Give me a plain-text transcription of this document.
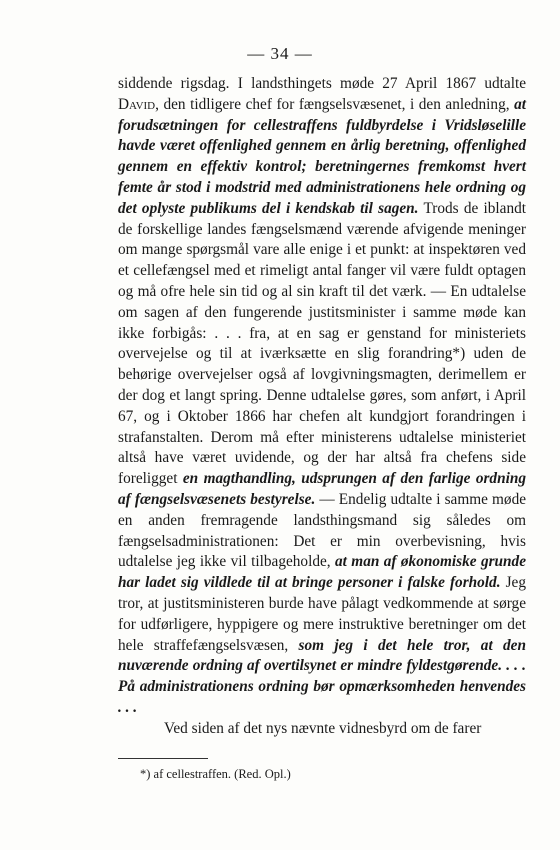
— 34 —

siddende rigsdag. I landsthingets møde 27 April 1867 udtalte David, den tidligere chef for fængselsvæsenet, i den anledning, at forudsætningen for cellestraffens fuldbyrdelse i Vridsløselille havde været offenlighed gennem en årlig beretning, offenlighed gennem en effektiv kontrol; beretningernes fremkomst hvert femte år stod i modstrid med administrationens hele ordning og det oplyste publikums del i kendskab til sagen. Trods de iblandt de forskellige landes fængselsmænd værende afvigende meninger om mange spørgsmål vare alle enige i et punkt: at inspektøren ved et cellefængsel med et rimeligt antal fanger vil være fuldt optagen og må ofre hele sin tid og al sin kraft til det værk. — En udtalelse om sagen af den fungerende justitsminister i samme møde kan ikke forbigås: . . . fra, at en sag er genstand for ministeriets overvejelse og til at iværksætte en slig forandring*) uden de behørige overvejelser også af lovgivningsmagten, derimellem er der dog et langt spring. Denne udtalelse gøres, som anført, i April 67, og i Oktober 1866 har chefen alt kundgjort forandringen i strafanstalten. Derom må efter ministerens udtalelse ministeriet altså have været uvidende, og der har altså fra chefens side foreligget en magthandling, udsprungen af den farlige ordning af fængselsvæsenets bestyrelse. — Endelig udtalte i samme møde en anden fremragende landsthingsmand sig således om fængselsadministrationen: Det er min overbevisning, hvis udtalelse jeg ikke vil tilbageholde, at man af økonomiske grunde har ladet sig vildlede til at bringe personer i falske forhold. Jeg tror, at justitsministeren burde have pålagt vedkommende at sørge for udførligere, hyppigere og mere instruktive beretninger om det hele straffefængselsvæsen, som jeg i det hele tror, at den nuværende ordning af overtilsynet er mindre fyldestgørende. . . . På administrationens ordning bør opmærksomheden henvendes . . .

Ved siden af det nys nævnte vidnesbyrd om de farer

*) af cellestraffen. (Red. Opl.)
